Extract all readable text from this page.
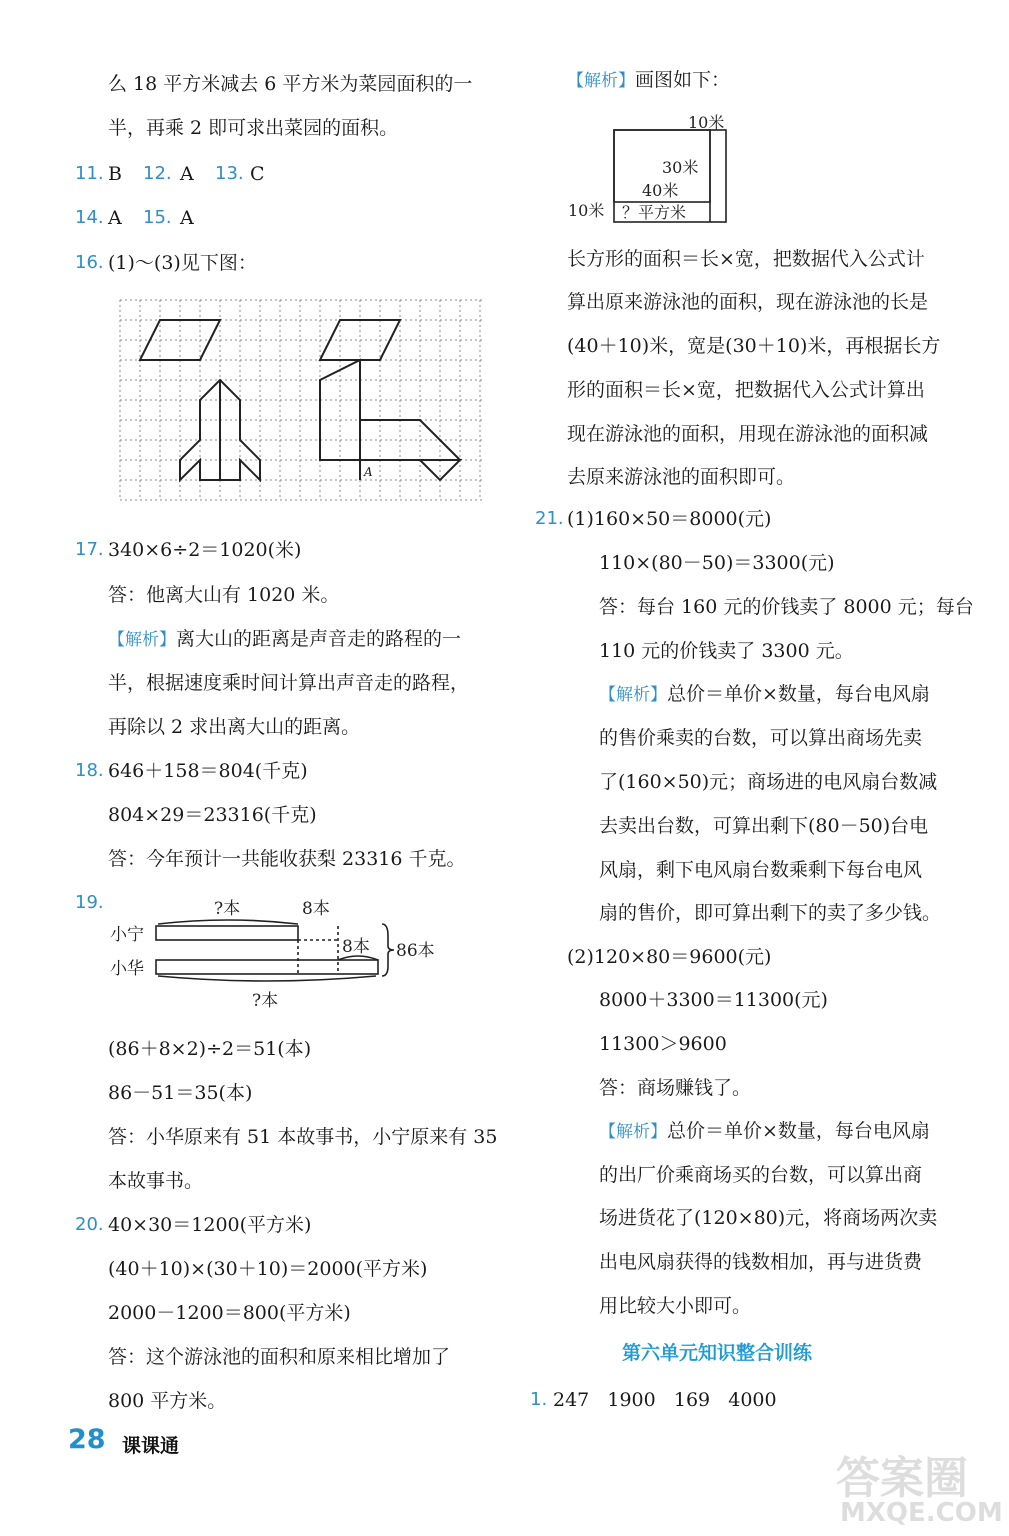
么 18 平方米减去 6 平方米为菜园面积的一
半，再乘 2 即可求出菜园的面积。
11. B 12. A 13. C
14. A 15. A
16. (1)～(3)见下图：
A
17. 340×6÷2＝1020(米)
答：他离大山有 1020 米。
【解析】离大山的距离是声音走的路程的一
半，根据速度乘时间计算出声音走的路程，
再除以 2 求出离大山的距离。
18. 646＋158＝804(千克)
804×29＝23316(千克)
答：今年预计一共能收获梨 23316 千克。
19.	?本	8本
小宁
小华
8本 86本
?本
(86＋8×2)÷2＝51(本)
86－51＝35(本)
答：小华原来有 51 本故事书，小宁原来有 35
本故事书。
20. 40×30＝1200(平方米)
(40＋10)×(30＋10)＝2000(平方米)
2000－1200＝800(平方米)
答：这个游泳池的面积和原来相比增加了
800 平方米。
【解析】画图如下：
10米
30米
40米
10米 ？平方米
长方形的面积＝长×宽，把数据代入公式计
算出原来游泳池的面积，现在游泳池的长是
(40＋10)米，宽是(30＋10)米，再根据长方
形的面积＝长×宽，把数据代入公式计算出
现在游泳池的面积，用现在游泳池的面积减
去原来游泳池的面积即可。
21. (1)160×50＝8000(元)
110×(80－50)＝3300(元)
答：每台 160 元的价钱卖了 8000 元；每台
110 元的价钱卖了 3300 元。
【解析】总价＝单价×数量，每台电风扇
的售价乘卖的台数，可以算出商场先卖
了(160×50)元；商场进的电风扇台数减
去卖出台数，可算出剩下(80－50)台电
风扇，剩下电风扇台数乘剩下每台电风
扇的售价，即可算出剩下的卖了多少钱。
(2)120×80＝9600(元)
8000＋3300＝11300(元)
11300＞9600
答：商场赚钱了。
【解析】总价＝单价×数量，每台电风扇
的出厂价乘商场买的台数，可以算出商
场进货花了(120×80)元，将商场两次卖
出电风扇获得的钱数相加，再与进货费
用比较大小即可。
第六单元知识整合训练
1. 247   1900   169   4000
28 课课通
答案圈
MXQE.COM
